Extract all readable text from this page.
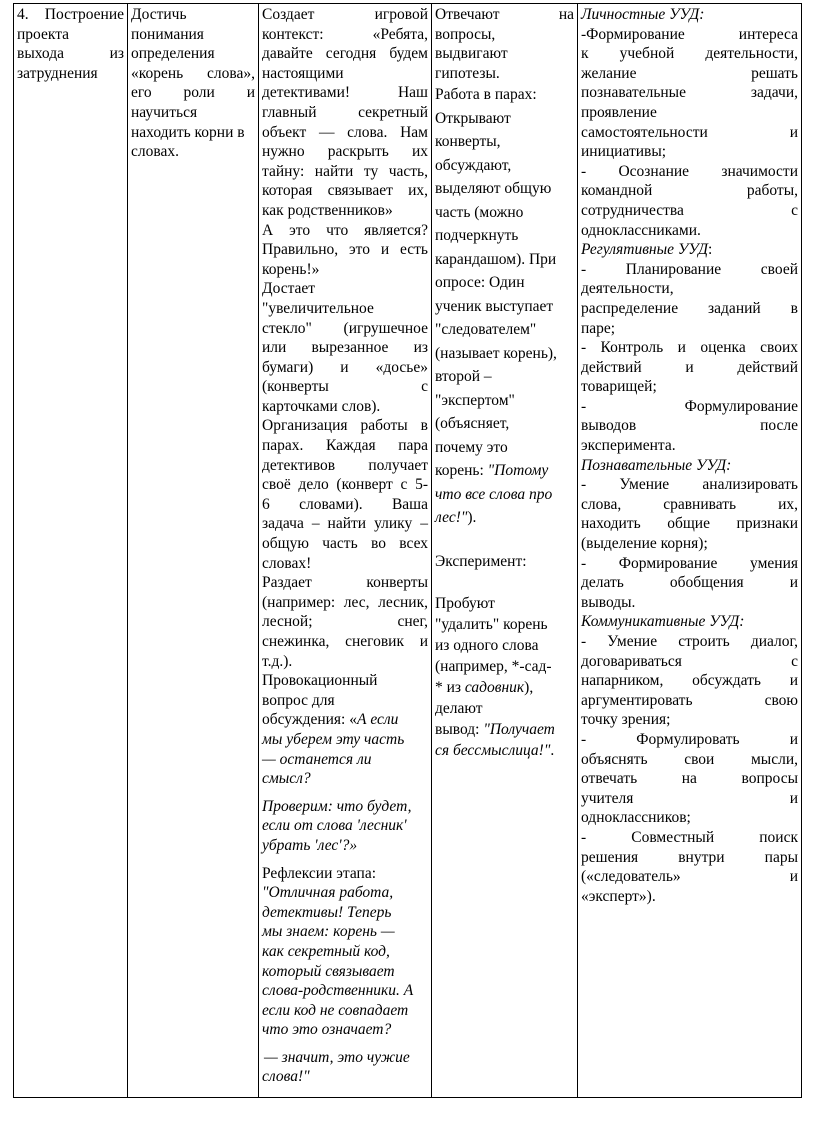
4. Построение
проекта
выхода из
затруднения

Достичь
понимания
определения
«корень слова»,
его роли и
научиться
находить корни в
словах.

Создает игровой
контекст: «Ребята,
давайте сегодня будем
настоящими
детективами! Наш
главный секретный
объект — слова. Нам
нужно раскрыть их
тайну: найти ту часть,
которая связывает их,
как родственников»
А это что является?
Правильно, это и есть
корень!»
Достает
"увеличительное
стекло" (игрушечное
или вырезанное из
бумаги) и «досье»
(конверты с
карточками слов).
Организация работы в
парах. Каждая пара
детективов получает
своё дело (конверт с 5-
6 словами). Ваша
задача – найти улику –
общую часть во всех
словах!
Раздает конверты
(например: лес, лесник,
лесной; снег,
снежинка, снеговик и
т.д.).
Провокационный
вопрос для
обсуждения: «А если
мы уберем эту часть
— останется ли
смысл?
Проверим: что будет,
если от слова 'лесник'
убрать 'лес'?»
Рефлексии этапа:
"Отличная работа,
детективы! Теперь
мы знаем: корень —
как секретный код,
который связывает
слова-родственники. А
если код не совпадает
что это означает?
— значит, это чужие
слова!"

Отвечают на
вопросы,
выдвигают
гипотезы.
Работа в парах:
Открывают
конверты,
обсуждают,
выделяют общую
часть (можно
подчеркнуть
карандашом). При
опросе: Один
ученик выступает
"следователем"
(называет корень),
второй –
"экспертом"
(объясняет,
почему это
корень: "Потому
что все слова про
лес!").
Эксперимент:
Пробуют
"удалить" корень
из одного слова
(например, *-сад-
* из садовник),
делают
вывод: "Получает
ся бессмыслица!".

Личностные УУД:
-Формирование интереса
к учебной деятельности,
желание решать
познавательные задачи,
проявление
самостоятельности и
инициативы;
- Осознание значимости
командной работы,
сотрудничества с
одноклассниками.
Регулятивные УУД:
- Планирование своей
деятельности,
распределение заданий в
паре;
- Контроль и оценка своих
действий и действий
товарищей;
- Формулирование
выводов после
эксперимента.
Познавательные УУД:
- Умение анализировать
слова, сравнивать их,
находить общие признаки
(выделение корня);
- Формирование умения
делать обобщения и
выводы.
Коммуникативные УУД:
- Умение строить диалог,
договариваться с
напарником, обсуждать и
аргументировать свою
точку зрения;
- Формулировать и
объяснять свои мысли,
отвечать на вопросы
учителя и
одноклассников;
- Совместный поиск
решения внутри пары
(«следователь» и
«эксперт»).
